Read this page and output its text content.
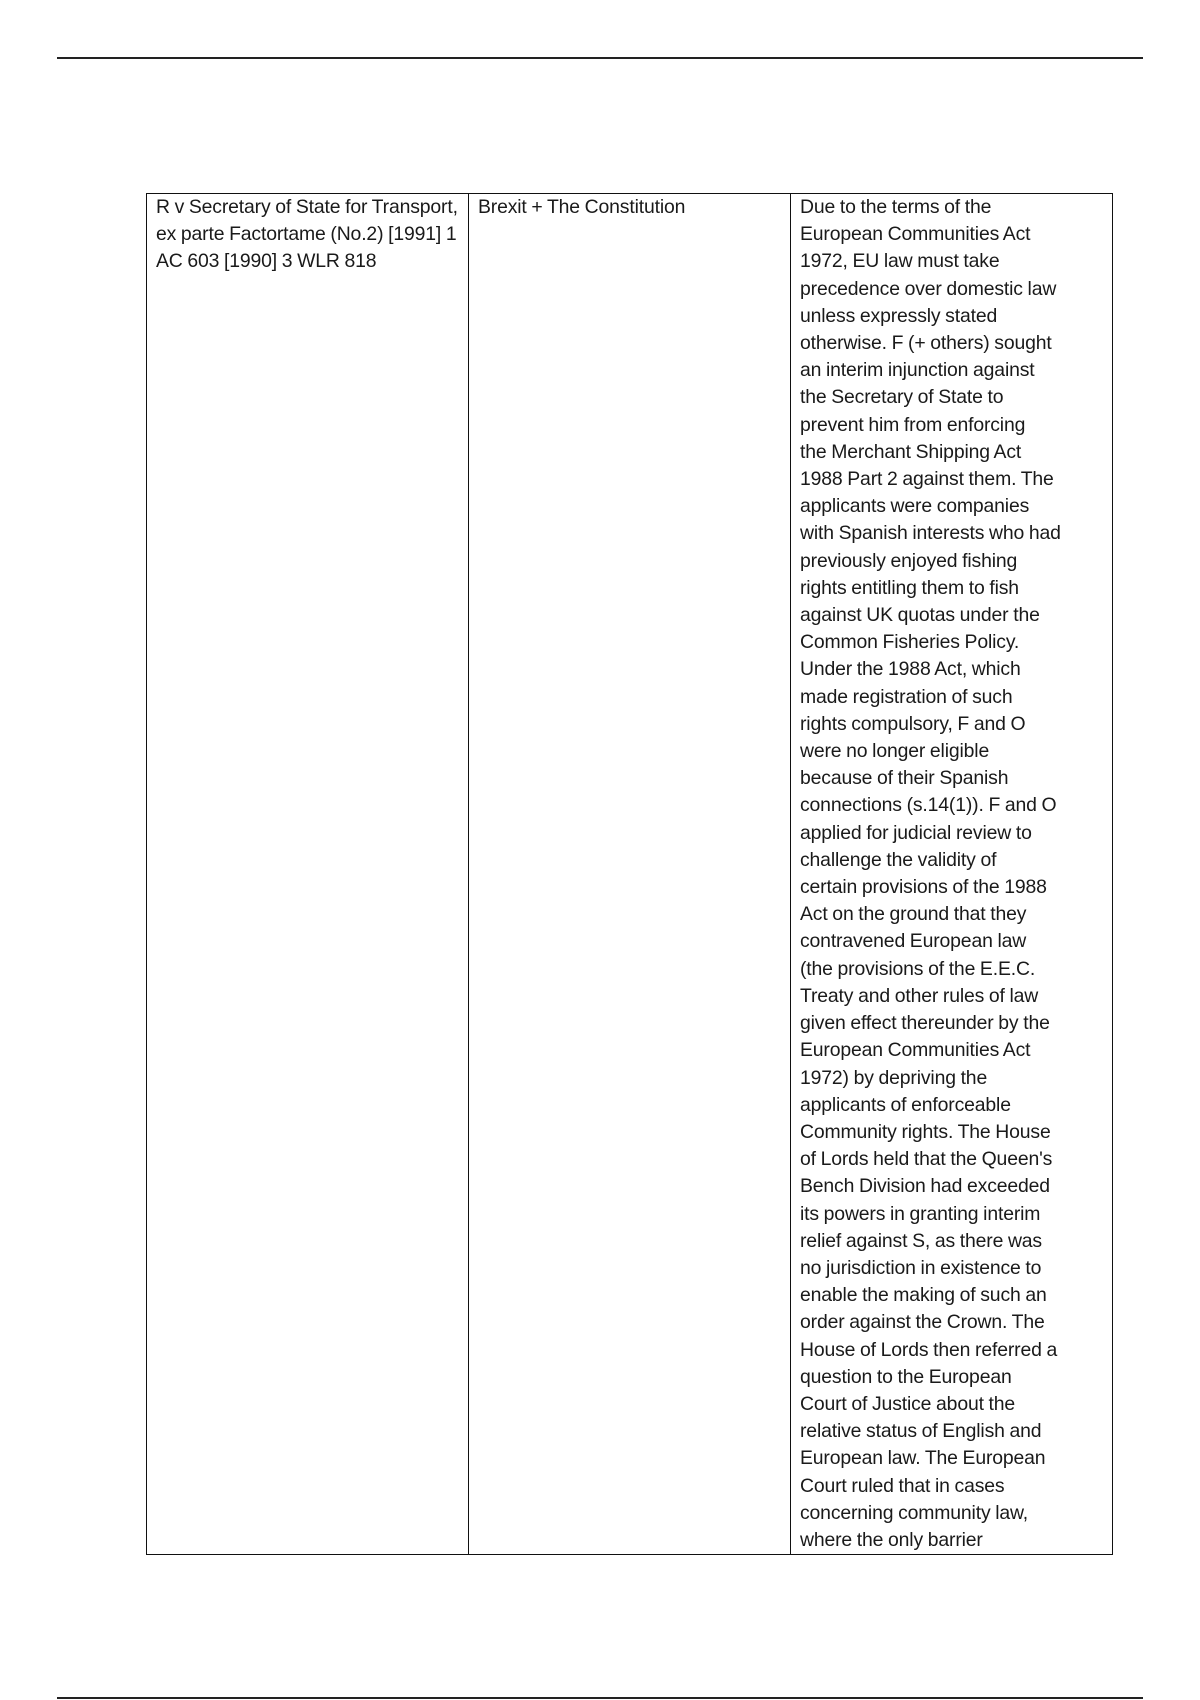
R v Secretary of State for Transport, ex parte Factortame (No.2) [1991] 1 AC 603 [1990] 3 WLR 818	Brexit + The Constitution	Due to the terms of the
European Communities Act
1972, EU law must take
precedence over domestic law
unless expressly stated
otherwise. F (+ others) sought
an interim injunction against
the Secretary of State to
prevent him from enforcing
the Merchant Shipping Act
1988 Part 2 against them. The
applicants were companies
with Spanish interests who had
previously enjoyed fishing
rights entitling them to fish
against UK quotas under the
Common Fisheries Policy.
Under the 1988 Act, which
made registration of such
rights compulsory, F and O
were no longer eligible
because of their Spanish
connections (s.14(1)). F and O
applied for judicial review to
challenge the validity of
certain provisions of the 1988
Act on the ground that they
contravened European law
(the provisions of the E.E.C.
Treaty and other rules of law
given effect thereunder by the
European Communities Act
1972) by depriving the
applicants of enforceable
Community rights. The House
of Lords held that the Queen's
Bench Division had exceeded
its powers in granting interim
relief against S, as there was
no jurisdiction in existence to
enable the making of such an
order against the Crown. The
House of Lords then referred a
question to the European
Court of Justice about the
relative status of English and
European law. The European
Court ruled that in cases
concerning community law,
where the only barrier
